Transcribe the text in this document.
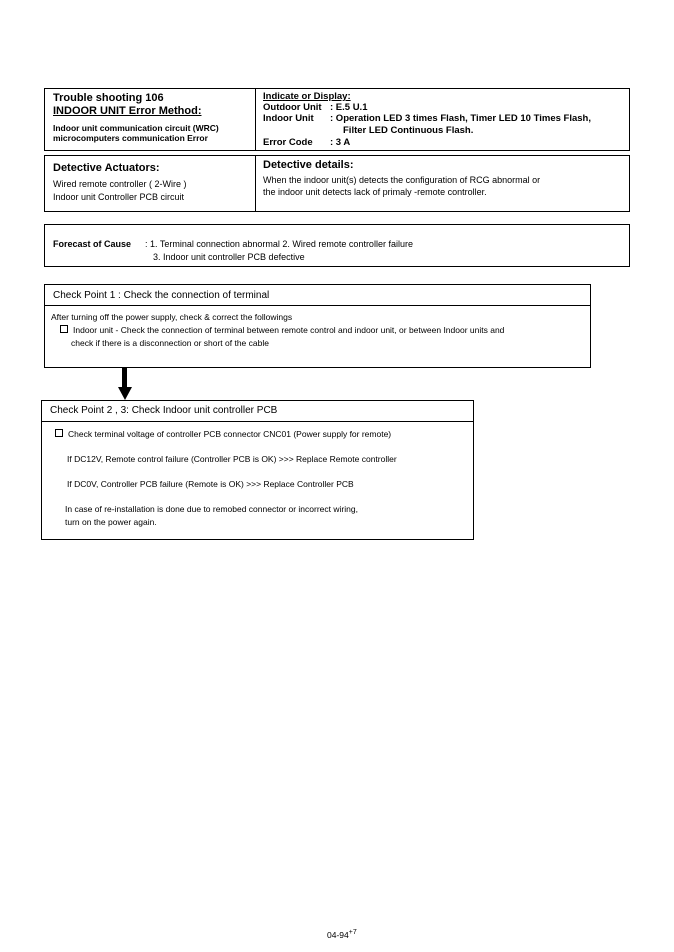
Trouble shooting 106
INDOOR UNIT Error Method:
Indoor unit communication circuit (WRC)
microcomputers communication Error
Indicate or Display:
Outdoor Unit : E.5 U.1
Indoor Unit : Operation LED 3 times Flash, Timer LED 10 Times Flash,
Filter LED Continuous Flash.
Error Code : 3 A
Detective Actuators:
Wired remote controller ( 2-Wire )
Indoor unit Controller PCB circuit
Detective details:
When the indoor unit(s) detects the configuration of RCG abnormal or
the indoor unit detects lack of primaly -remote controller.
Forecast of Cause : 1. Terminal connection abnormal 2. Wired remote controller failure
3. Indoor unit controller PCB defective
Check Point 1 : Check the connection of terminal
After turning off the power supply, check & correct the followings
Indoor unit - Check the connection of terminal between remote control and indoor unit, or between Indoor units and
check if there is a disconnection or short of the cable
Check Point 2 , 3: Check Indoor unit controller PCB
Check terminal voltage of controller PCB connector CNC01 (Power supply for remote)
If DC12V, Remote control failure (Controller PCB is OK) >>> Replace Remote controller
If DC0V, Controller PCB failure (Remote is OK) >>> Replace Controller PCB
In case of re-installation is done due to remobed connector or incorrect wiring,
turn on the power again.
$04-94^{+7}$
